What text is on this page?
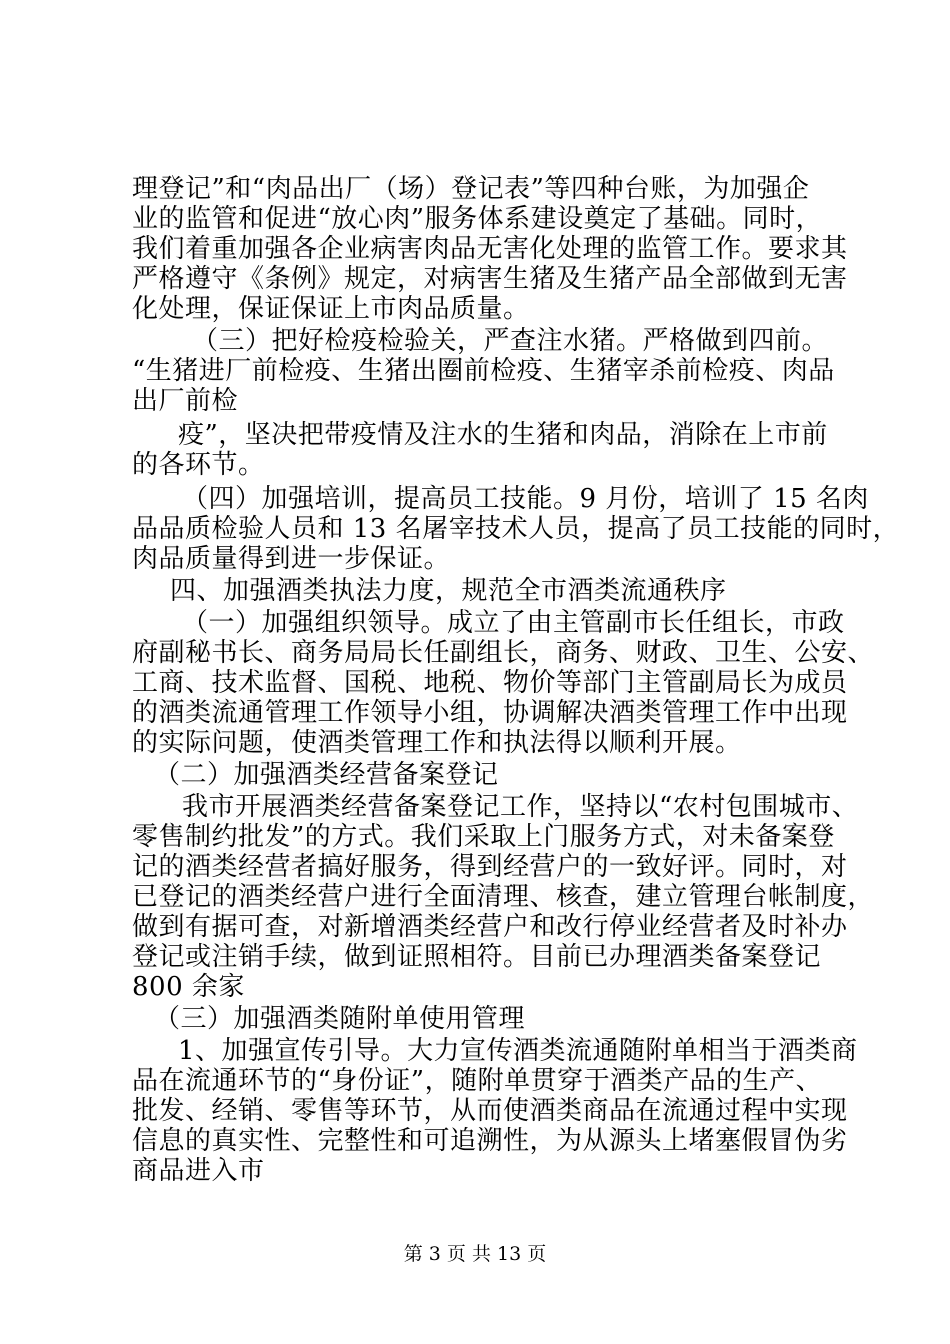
理登记”和“肉品出厂（场）登记表”等四种台账，为加强企
业的监管和促进“放心肉”服务体系建设奠定了基础。同时，
我们着重加强各企业病害肉品无害化处理的监管工作。要求其
严格遵守《条例》规定，对病害生猪及生猪产品全部做到无害
化处理，保证保证上市肉品质量。
（三）把好检疫检验关，严查注水猪。严格做到四前。
“生猪进厂前检疫、生猪出圈前检疫、生猪宰杀前检疫、肉品
出厂前检
疫”，坚决把带疫情及注水的生猪和肉品，消除在上市前
的各环节。
（四）加强培训，提高员工技能。9 月份，培训了 15 名肉
品品质检验人员和 13 名屠宰技术人员，提高了员工技能的同时，
肉品质量得到进一步保证。
四、加强酒类执法力度，规范全市酒类流通秩序
（一）加强组织领导。成立了由主管副市长任组长，市政
府副秘书长、商务局局长任副组长，商务、财政、卫生、公安、
工商、技术监督、国税、地税、物价等部门主管副局长为成员
的酒类流通管理工作领导小组，协调解决酒类管理工作中出现
的实际问题，使酒类管理工作和执法得以顺利开展。
（二）加强酒类经营备案登记
我市开展酒类经营备案登记工作，坚持以“农村包围城市、
零售制约批发”的方式。我们采取上门服务方式，对未备案登
记的酒类经营者搞好服务，得到经营户的一致好评。同时，对
已登记的酒类经营户进行全面清理、核查，建立管理台帐制度，
做到有据可查，对新增酒类经营户和改行停业经营者及时补办
登记或注销手续，做到证照相符。目前已办理酒类备案登记
800 余家
（三）加强酒类随附单使用管理
1、加强宣传引导。大力宣传酒类流通随附单相当于酒类商
品在流通环节的“身份证”，随附单贯穿于酒类产品的生产、
批发、经销、零售等环节，从而使酒类商品在流通过程中实现
信息的真实性、完整性和可追溯性，为从源头上堵塞假冒伪劣
商品进入市
第 3 页 共 13 页
